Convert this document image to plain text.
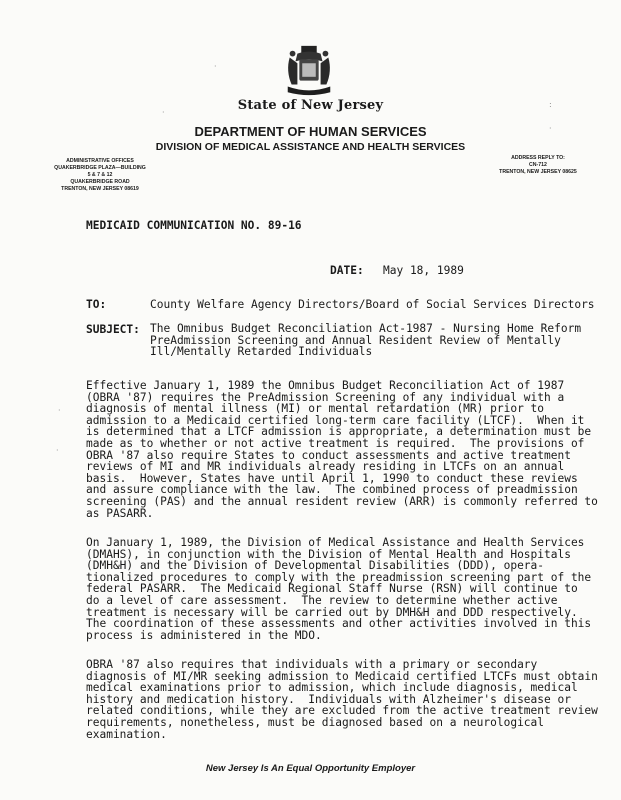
State of New Jersey
DEPARTMENT OF HUMAN SERVICES
DIVISION OF MEDICAL ASSISTANCE AND HEALTH SERVICES
ADMINISTRATIVE OFFICES
QUAKERBRIDGE PLAZA—BUILDING 5 & 7 & 12
QUAKERBRIDGE ROAD
TRENTON, NEW JERSEY 08619
ADDRESS REPLY TO:
CN-712
TRENTON, NEW JERSEY 08625
·
·
:
·
·
·
MEDICAID COMMUNICATION NO. 89-16
DATE: May 18, 1989
TO:	County Welfare Agency Directors/Board of Social Services Directors
SUBJECT: The Omnibus Budget Reconciliation Act-1987 - Nursing Home Reform
PreAdmission Screening and Annual Resident Review of Mentally
Ill/Mentally Retarded Individuals
Effective January 1, 1989 the Omnibus Budget Reconciliation Act of 1987
(OBRA '87) requires the PreAdmission Screening of any individual with a
diagnosis of mental illness (MI) or mental retardation (MR) prior to
admission to a Medicaid certified long-term care facility (LTCF).  When it
is determined that a LTCF admission is appropriate, a determination must be
made as to whether or not active treatment is required.  The provisions of
OBRA '87 also require States to conduct assessments and active treatment
reviews of MI and MR individuals already residing in LTCFs on an annual
basis.  However, States have until April 1, 1990 to conduct these reviews
and assure compliance with the law.  The combined process of preadmission
screening (PAS) and the annual resident review (ARR) is commonly referred to
as PASARR.
On January 1, 1989, the Division of Medical Assistance and Health Services
(DMAHS), in conjunction with the Division of Mental Health and Hospitals
(DMH&H) and the Division of Developmental Disabilities (DDD), opera-
tionalized procedures to comply with the preadmission screening part of the
federal PASARR.  The Medicaid Regional Staff Nurse (RSN) will continue to
do a level of care assessment.  The review to determine whether active
treatment is necessary will be carried out by DMH&H and DDD respectively.
The coordination of these assessments and other activities involved in this
process is administered in the MDO.
OBRA '87 also requires that individuals with a primary or secondary
diagnosis of MI/MR seeking admission to Medicaid certified LTCFs must obtain
medical examinations prior to admission, which include diagnosis, medical
history and medication history.  Individuals with Alzheimer's disease or
related conditions, while they are excluded from the active treatment review
requirements, nonetheless, must be diagnosed based on a neurological
examination.
New Jersey Is An Equal Opportunity Employer
